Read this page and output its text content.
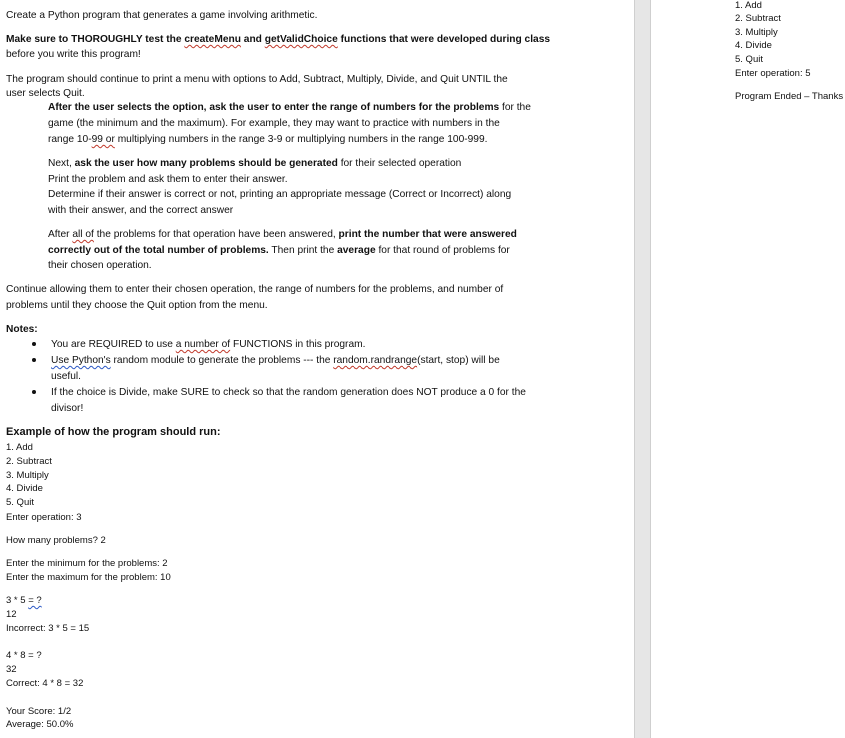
Create a Python program that generates a game involving arithmetic.
Make sure to THOROUGHLY test the createMenu and getValidChoice functions that were developed during class
before you write this program!
The program should continue to print a menu with options to Add, Subtract, Multiply, Divide, and Quit UNTIL the
user selects Quit.
After the user selects the option, ask the user to enter the range of numbers for the problems for the
game (the minimum and the maximum). For example, they may want to practice with numbers in the
range 10-99 or multiplying numbers in the range 3-9 or multiplying numbers in the range 100-999.
Next, ask the user how many problems should be generated for their selected operation
Print the problem and ask them to enter their answer.
Determine if their answer is correct or not, printing an appropriate message (Correct or Incorrect) along
with their answer, and the correct answer
After all of the problems for that operation have been answered, print the number that were answered
correctly out of the total number of problems. Then print the average for that round of problems for
their chosen operation.
Continue allowing them to enter their chosen operation, the range of numbers for the problems, and number of
problems until they choose the Quit option from the menu.
Notes:
You are REQUIRED to use a number of FUNCTIONS in this program.
Use Python's random module to generate the problems --- the random.randrange(start, stop) will be
useful.
If the choice is Divide, make SURE to check so that the random generation does NOT produce a 0 for the
divisor!
Example of how the program should run:
1. Add
2. Subtract
3. Multiply
4. Divide
5. Quit
Enter operation: 3
How many problems? 2
Enter the minimum for the problems: 2
Enter the maximum for the problem: 10
3 * 5 = ?
12
Incorrect: 3 * 5 = 15
4 * 8 = ?
32
Correct: 4 * 8 = 32
Your Score: 1/2
Average: 50.0%
1. Add
2. Subtract
3. Multiply
4. Divide
5. Quit
Enter operation: 5
Program Ended – Thanks
